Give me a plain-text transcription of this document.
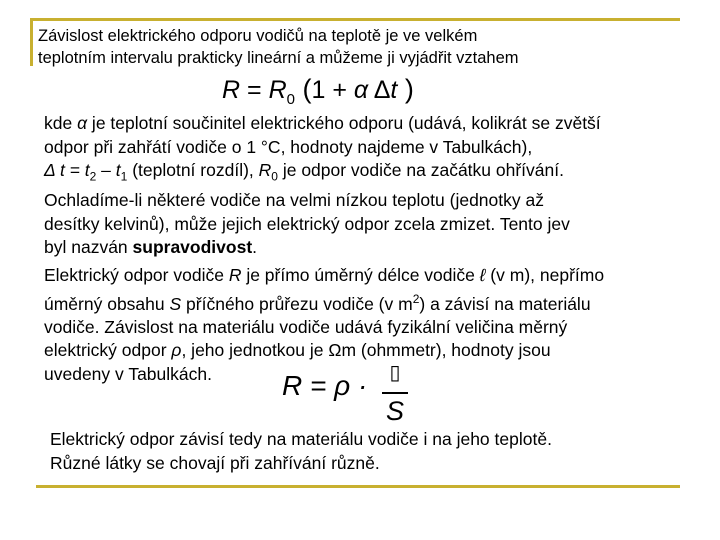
Závislost elektrického odporu vodičů na teplotě je ve velkém
teplotním intervalu prakticky lineární a můžeme ji vyjádřit vztahem

$R = R_0$ (1 + α Δt )

kde α je teplotní součinitel elektrického odporu (udává, kolikrát se zvětší
odpor při zahřátí vodiče o 1 °C, hodnoty najdeme v Tabulkách),
Δ $t = t_2 - t_1$ (teplotní rozdíl), $R_0$ je odpor vodiče na začátku ohřívání.
Ochladíme-li některé vodiče na velmi nízkou teplotu (jednotky až
desítky kelvinů), může jejich elektrický odpor zcela zmizet. Tento jev
byl nazván supravodivost.

Elektrický odpor vodiče R je přímo úměrný délce vodiče ℓ (v m), nepřímo
úměrný obsahu S příčného průřezu vodiče (v $m^2$) a závisí na materiálu
vodiče. Závislost na materiálu vodiče udává fyzikální veličina měrný
elektrický odpor ρ, jeho jednotkou je Ωm (ohmmetr), hodnoty jsou
uvedeny v Tabulkách.	R = ρ ·	▯
S

Elektrický odpor závisí tedy na materiálu vodiče i na jeho teplotě.
Různé látky se chovají při zahřívání různě.
